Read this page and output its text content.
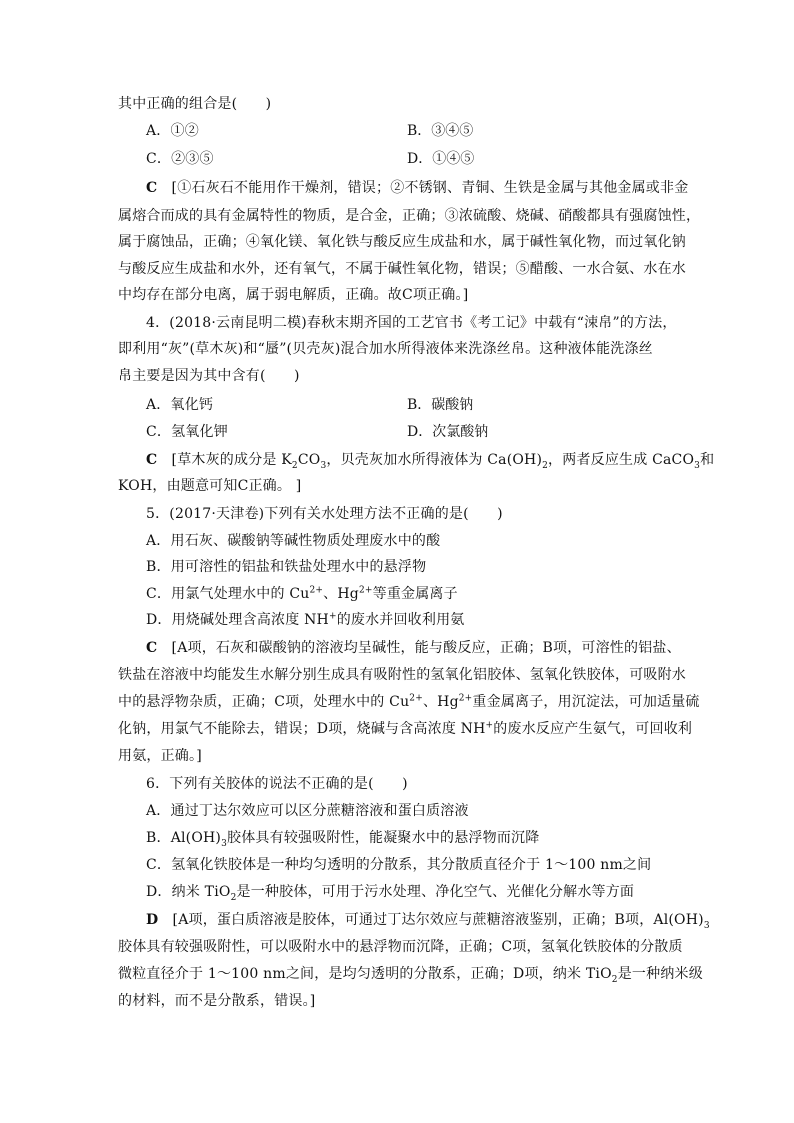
其中正确的组合是(　　)
A．①②	B．③④⑤
C．②③⑤	D．①④⑤
C　 [①石灰石不能用作干燥剂，错误；②不锈钢、青铜、生铁是金属与其他金属或非金
属熔合而成的具有金属特性的物质，是合金，正确；③浓硫酸、烧碱、硝酸都具有强腐蚀性，
属于腐蚀品，正确；④氧化镁、氧化铁与酸反应生成盐和水，属于碱性氧化物，而过氧化钠
与酸反应生成盐和水外，还有氧气，不属于碱性氧化物，错误；⑤醋酸、一水合氨、水在水
中均存在部分电离，属于弱电解质，正确。故C项正确。]
4．(2018·云南昆明二模)春秋末期齐国的工艺官书《考工记》中载有“涑帛”的方法，
即利用“灰”(草木灰)和“蜃”(贝壳灰)混合加水所得液体来洗涤丝帛。这种液体能洗涤丝
帛主要是因为其中含有(　　)
A．氧化钙	B．碳酸钠
C．氢氧化钾	D．次氯酸钠
C　 [草木灰的成分是 $K_2CO_3$，贝壳灰加水所得液体为 $Ca(OH)_2$，两者反应生成 CaCO$_3$和
KOH，由题意可知C正确。 ]
5．(2017·天津卷)下列有关水处理方法不正确的是(　　)
A．用石灰、碳酸钠等碱性物质处理废水中的酸
B．用可溶性的铝盐和铁盐处理水中的悬浮物
C．用氯气处理水中的 $Cu^{2+}$、$Hg^{2+}$等重金属离子
D．用烧碱处理含高浓度 NH+的废水并回收利用氨
C　 [A项，石灰和碳酸钠的溶液均呈碱性，能与酸反应，正确；B项，可溶性的铝盐、
铁盐在溶液中均能发生水解分别生成具有吸附性的氢氧化铝胶体、氢氧化铁胶体，可吸附水
中的悬浮物杂质，正确；C项，处理水中的 $Cu^{2+}$、$Hg^{2+}$重金属离子，用沉淀法，可加适量硫
化钠，用氯气不能除去，错误；D项，烧碱与含高浓度 NH+的废水反应产生氨气，可回收利
用氨，正确。]
6．下列有关胶体的说法不正确的是(　　)
A．通过丁达尔效应可以区分蔗糖溶液和蛋白质溶液
B．$Al(OH)_3$胶体具有较强吸附性，能凝聚水中的悬浮物而沉降
C．氢氧化铁胶体是一种均匀透明的分散系，其分散质直径介于 1～100 nm之间
D．纳米 TiO$_2$是一种胶体，可用于污水处理、净化空气、光催化分解水等方面
D　 [A项，蛋白质溶液是胶体，可通过丁达尔效应与蔗糖溶液鉴别，正确；B项，$Al(OH)_3$
胶体具有较强吸附性，可以吸附水中的悬浮物而沉降，正确；C项，氢氧化铁胶体的分散质
微粒直径介于 1～100 nm之间，是均匀透明的分散系，正确；D项，纳米 TiO$_2$是一种纳米级
的材料，而不是分散系，错误。]
